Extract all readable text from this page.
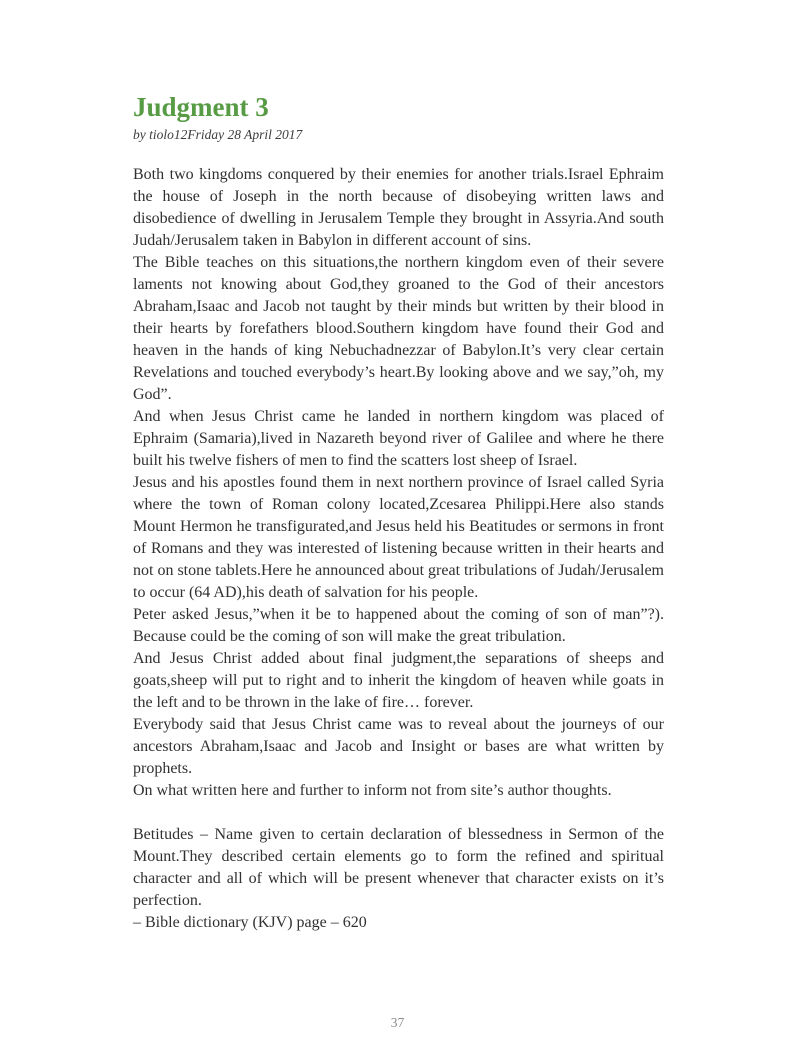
Judgment 3
by tiolo12Friday 28 April 2017

Both two kingdoms conquered by their enemies for another trials.Israel Ephraim the house of Joseph in the north because of disobeying written laws and disobedience of dwelling in Jerusalem Temple they brought in Assyria.And south Judah/Jerusalem taken in Babylon in different account of sins.

The Bible teaches on this situations,the northern kingdom even of their severe laments not knowing about God,they groaned to the God of their ancestors Abraham,Isaac and Jacob not taught by their minds but written by their blood in their hearts by forefathers blood.Southern kingdom have found their God and heaven in the hands of king Nebuchadnezzar of Babylon.It’s very clear certain Revelations and touched everybody’s heart.By looking above and we say,”oh, my God”.

And when Jesus Christ came he landed in northern kingdom was placed of Ephraim (Samaria),lived in Nazareth beyond river of Galilee and where he there built his twelve fishers of men to find the scatters lost sheep of Israel.

Jesus and his apostles found them in next northern province of Israel called Syria where the town of Roman colony located,Zcesarea Philippi.Here also stands Mount Hermon he transfigurated,and Jesus held his Beatitudes or sermons in front of Romans and they was interested of listening because written in their hearts and not on stone tablets.Here he announced about great tribulations of Judah/Jerusalem to occur (64 AD),his death of salvation for his people.

Peter asked Jesus,”when it be to happened about the coming of son of man”?). Because could be the coming of son will make the great tribulation.

And Jesus Christ added about final judgment,the separations of sheeps and goats,sheep will put to right and to inherit the kingdom of heaven while goats in the left and to be thrown in the lake of fire… forever.

Everybody said that Jesus Christ came was to reveal about the journeys of our ancestors Abraham,Isaac and Jacob and Insight or bases are what written by prophets.

On what written here and further to inform not from site’s author thoughts.

Betitudes – Name given to certain declaration of blessedness in Sermon of the Mount.They described certain elements go to form the refined and spiritual character and all of which will be present whenever that character exists on it’s perfection.

– Bible dictionary (KJV) page – 620

37
